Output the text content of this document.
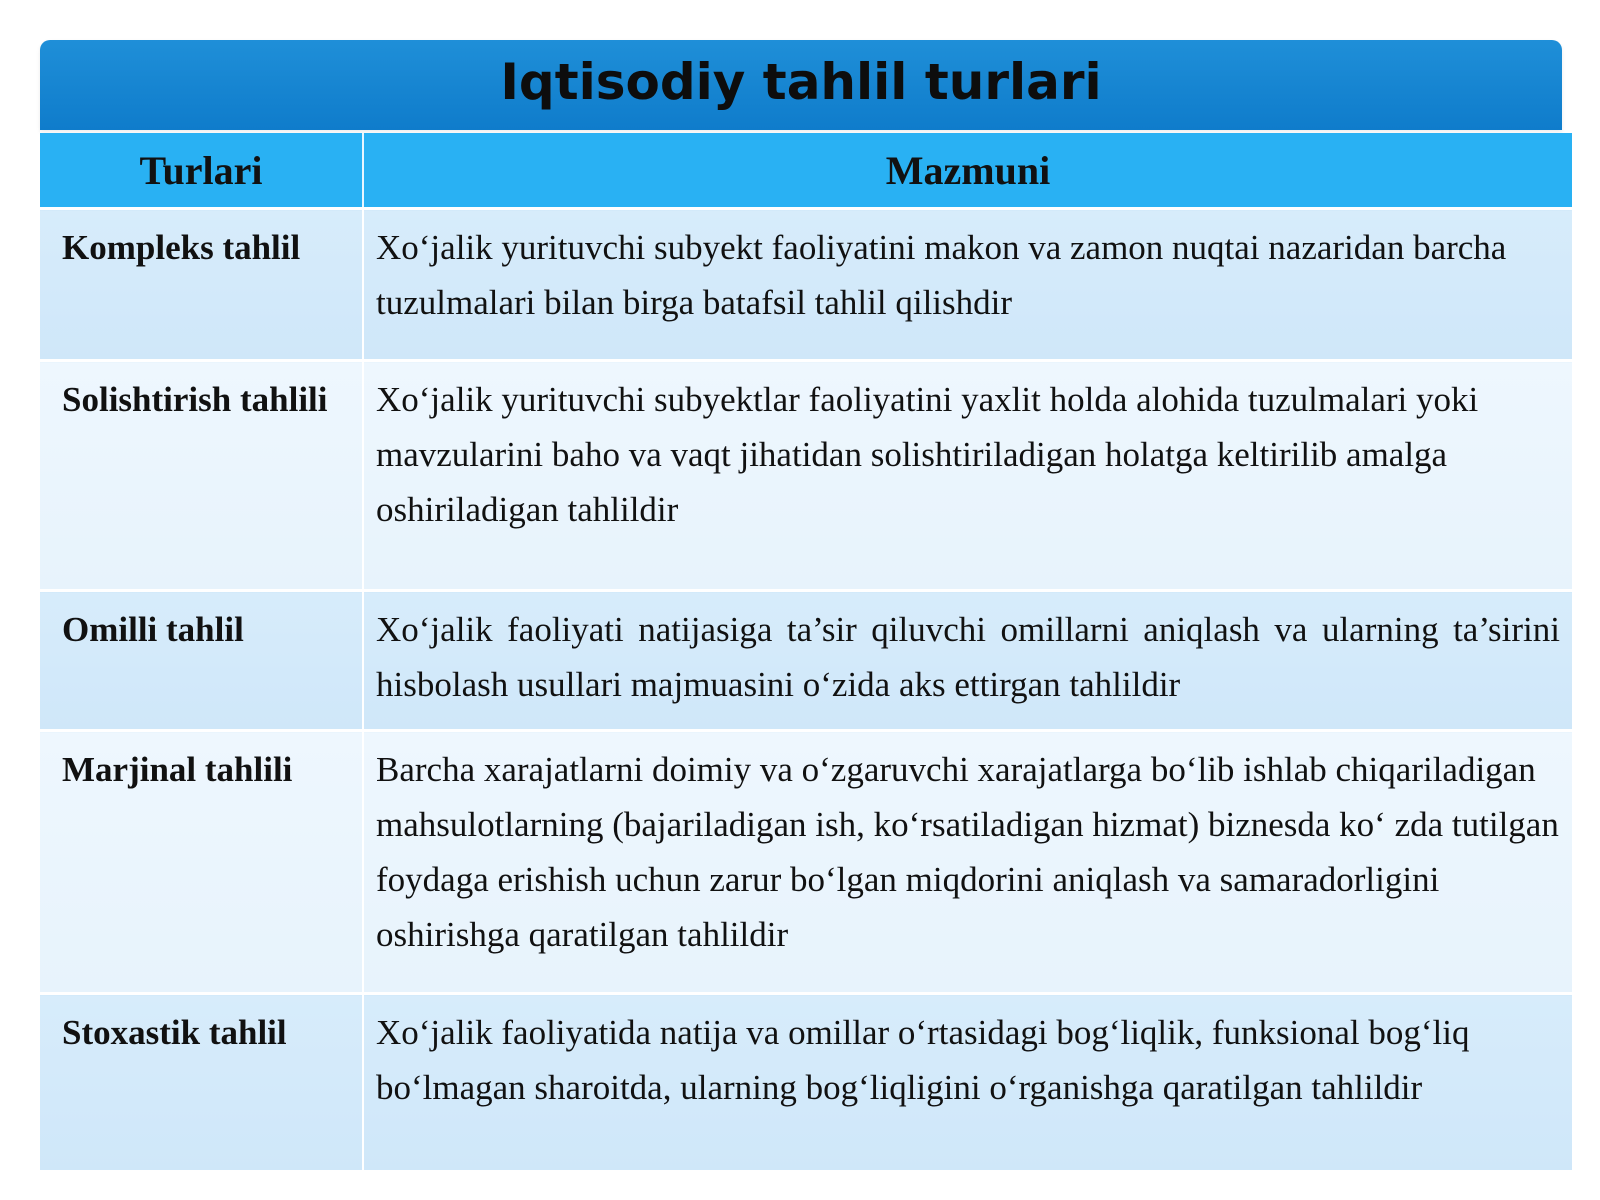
Iqtisodiy tahlil turlari
Turlari	Mazmuni
Kompleks tahlil	Xo‘jalik yurituvchi subyekt faoliyatini makon va zamon nuqtai nazaridan barcha tuzulmalari bilan birga batafsil tahlil qilishdir
Solishtirish tahlili	Xo‘jalik yurituvchi subyektlar faoliyatini yaxlit holda alohida tuzulmalari yoki mavzularini baho va vaqt jihatidan solishtiriladigan holatga keltirilib amalga oshiriladigan tahlildir
Omilli tahlil	Xo‘jalik faoliyati natijasiga ta’sir qiluvchi omillarni aniqlash va ularning ta’sirini hisbolash usullari majmuasini o‘zida aks ettirgan tahlildir
Marjinal tahlili	Barcha xarajatlarni doimiy va o‘zgaruvchi xarajatlarga bo‘lib ishlab chiqariladigan mahsulotlarning (bajariladigan ish, ko‘rsatiladigan hizmat) biznesda ko‘ zda tutilgan foydaga erishish uchun zarur bo‘lgan miqdorini aniqlash va samaradorligini oshirishga qaratilgan tahlildir
Stoxastik tahlil	Xo‘jalik faoliyatida natija va omillar o‘rtasidagi bog‘liqlik, funksional bog‘liq bo‘lmagan sharoitda, ularning bog‘liqligini o‘rganishga qaratilgan tahlildir
